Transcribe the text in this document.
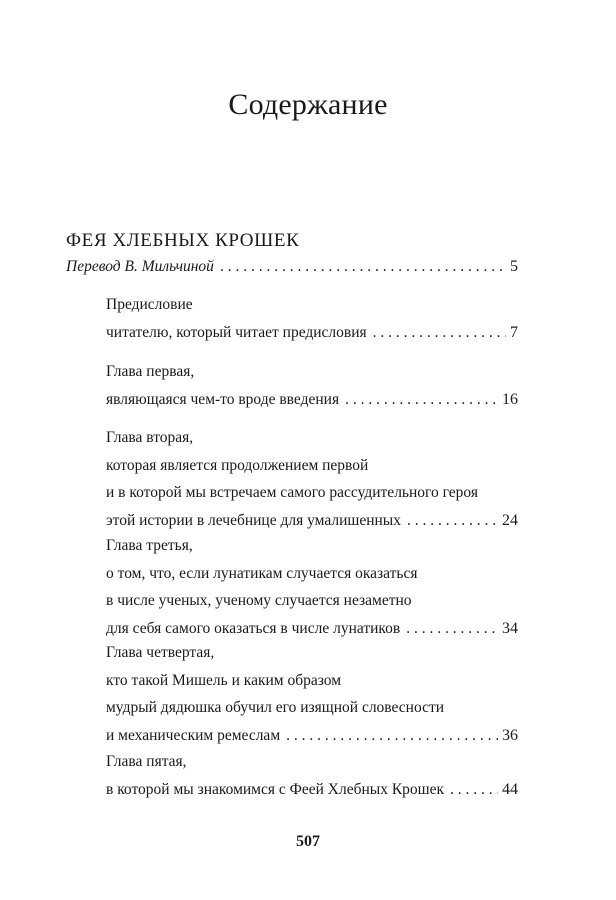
Содержание
ФЕЯ ХЛЕБНЫХ КРОШЕК
Перевод В. Мильчиной . . .	5
Предисловие
читателю, который читает предисловия . . .	7
Глава первая,
являющаяся чем-то вроде введения . . .	16
Глава вторая,
которая является продолжением первой
и в которой мы встречаем самого рассудительного героя
этой истории в лечебнице для умалишенных . . .	24
Глава третья,
о том, что, если лунатикам случается оказаться
в числе ученых, ученому случается незаметно
для себя самого оказаться в числе лунатиков . . .	34
Глава четвертая,
кто такой Мишель и каким образом
мудрый дядюшка обучил его изящной словесности
и механическим ремеслам . . .	36
Глава пятая,
в которой мы знакомимся с Феей Хлебных Крошек . . .	44
507
